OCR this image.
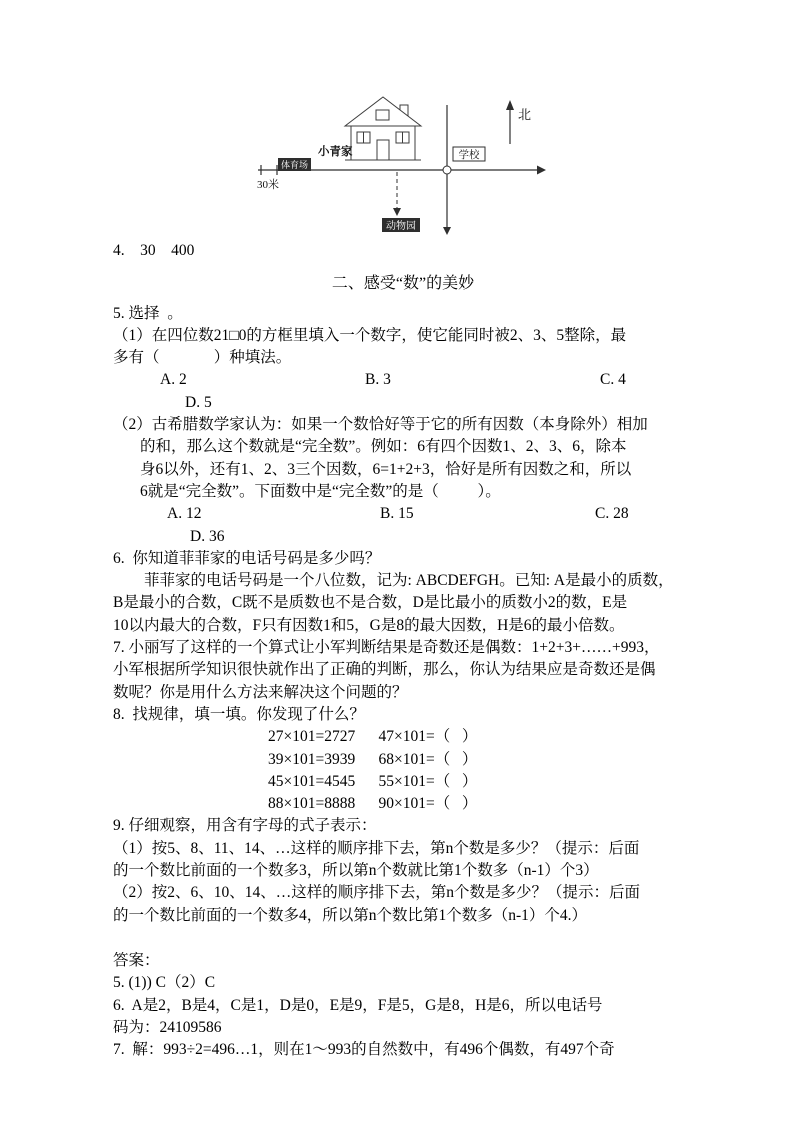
北
小青家	学校
30米
体育场
动物园
4.    30    400
二、感受“数”的美妙
5. 选择  。
（1）在四位数21□0的方框里填入一个数字，使它能同时被2、3、5整除，最
多有（              ）种填法。

A. 2

	B. 3

	C. 4

D. 5
（2）古希腊数学家认为：如果一个数恰好等于它的所有因数（本身除外）相加
的和，那么这个数就是“完全数”。例如：6有四个因数1、2、3、6，除本
身6以外，还有1、2、3三个因数，6=1+2+3，恰好是所有因数之和，所以
6就是“完全数”。下面数中是“完全数”的是（          ）。

A. 12

	B. 15

	C. 28

D. 36
6.  你知道菲菲家的电话号码是多少吗？
菲菲家的电话号码是一个八位数，记为: ABCDEFGH。已知: A是最小的质数，
B是最小的合数，C既不是质数也不是合数，D是比最小的质数小2的数，E是
10以内最大的合数，F只有因数1和5，G是8的最大因数，H是6的最小倍数。
7. 小丽写了这样的一个算式让小军判断结果是奇数还是偶数：1+2+3+……+993，
小军根据所学知识很快就作出了正确的判断，那么，你认为结果应是奇数还是偶
数呢？你是用什么方法来解决这个问题的？
8.  找规律，填一填。你发现了什么？
27×101=2727      47×101=（   ）
39×101=3939      68×101=（   ）
45×101=4545      55×101=（   ）
88×101=8888      90×101=（   ）
9. 仔细观察，用含有字母的式子表示：
（1）按5、8、11、14、…这样的顺序排下去，第n个数是多少？（提示：后面
的一个数比前面的一个数多3，所以第n个数就比第1个数多（n-1）个3）
（2）按2、6、10、14、…这样的顺序排下去，第n个数是多少？（提示：后面
的一个数比前面的一个数多4，所以第n个数比第1个数多（n-1）个4.）
答案：
5. (1)) C（2）C
6.  A是2，B是4，C是1，D是0，E是9，F是5，G是8，H是6，所以电话号
码为：24109586
7.  解：993÷2=496…1，则在1～993的自然数中，有496个偶数，有497个奇
